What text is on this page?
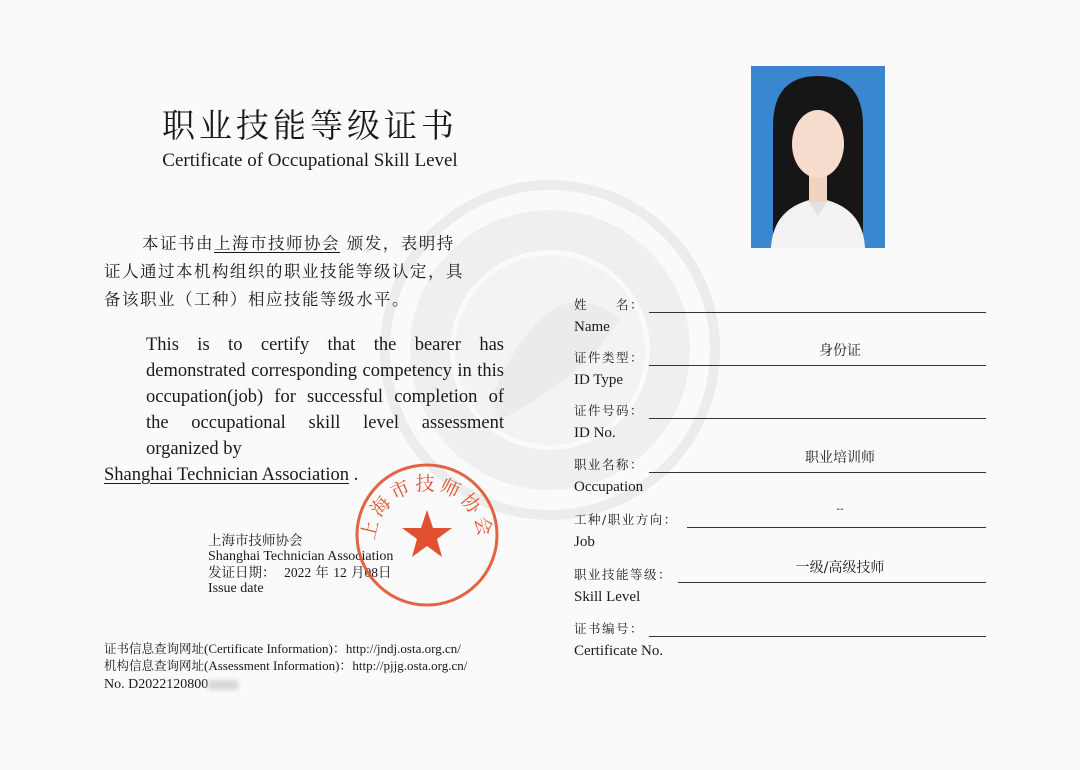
职业技能等级证书
Certificate of Occupational Skill Level
本证书由上海市技师协会 颁发，表明持
证人通过本机构组织的职业技能等级认定，具
备该职业（工种）相应技能等级水平。
This is to certify that the bearer has demonstrated corresponding competency in this occupation(job) for successful completion of the occupational skill level assessment organized by
Shanghai Technician Association .
上海市技师协会
Shanghai Technician Association
发证日期： 2022 年 12 月08日
Issue date
上海市技师协会
证书信息查询网址(Certificate Information)：http://jndj.osta.org.cn/
机构信息查询网址(Assessment Information)：http://pjjg.osta.org.cn/
No. D2022120800
姓　　名：
Name
证件类型：	身份证
ID Type
证件号码：
ID No.
职业名称：	职业培训师
Occupation
工种/职业方向：
--
Job
职业技能等级：	一级/高级技师
Skill Level
证书编号：
Certificate No.
